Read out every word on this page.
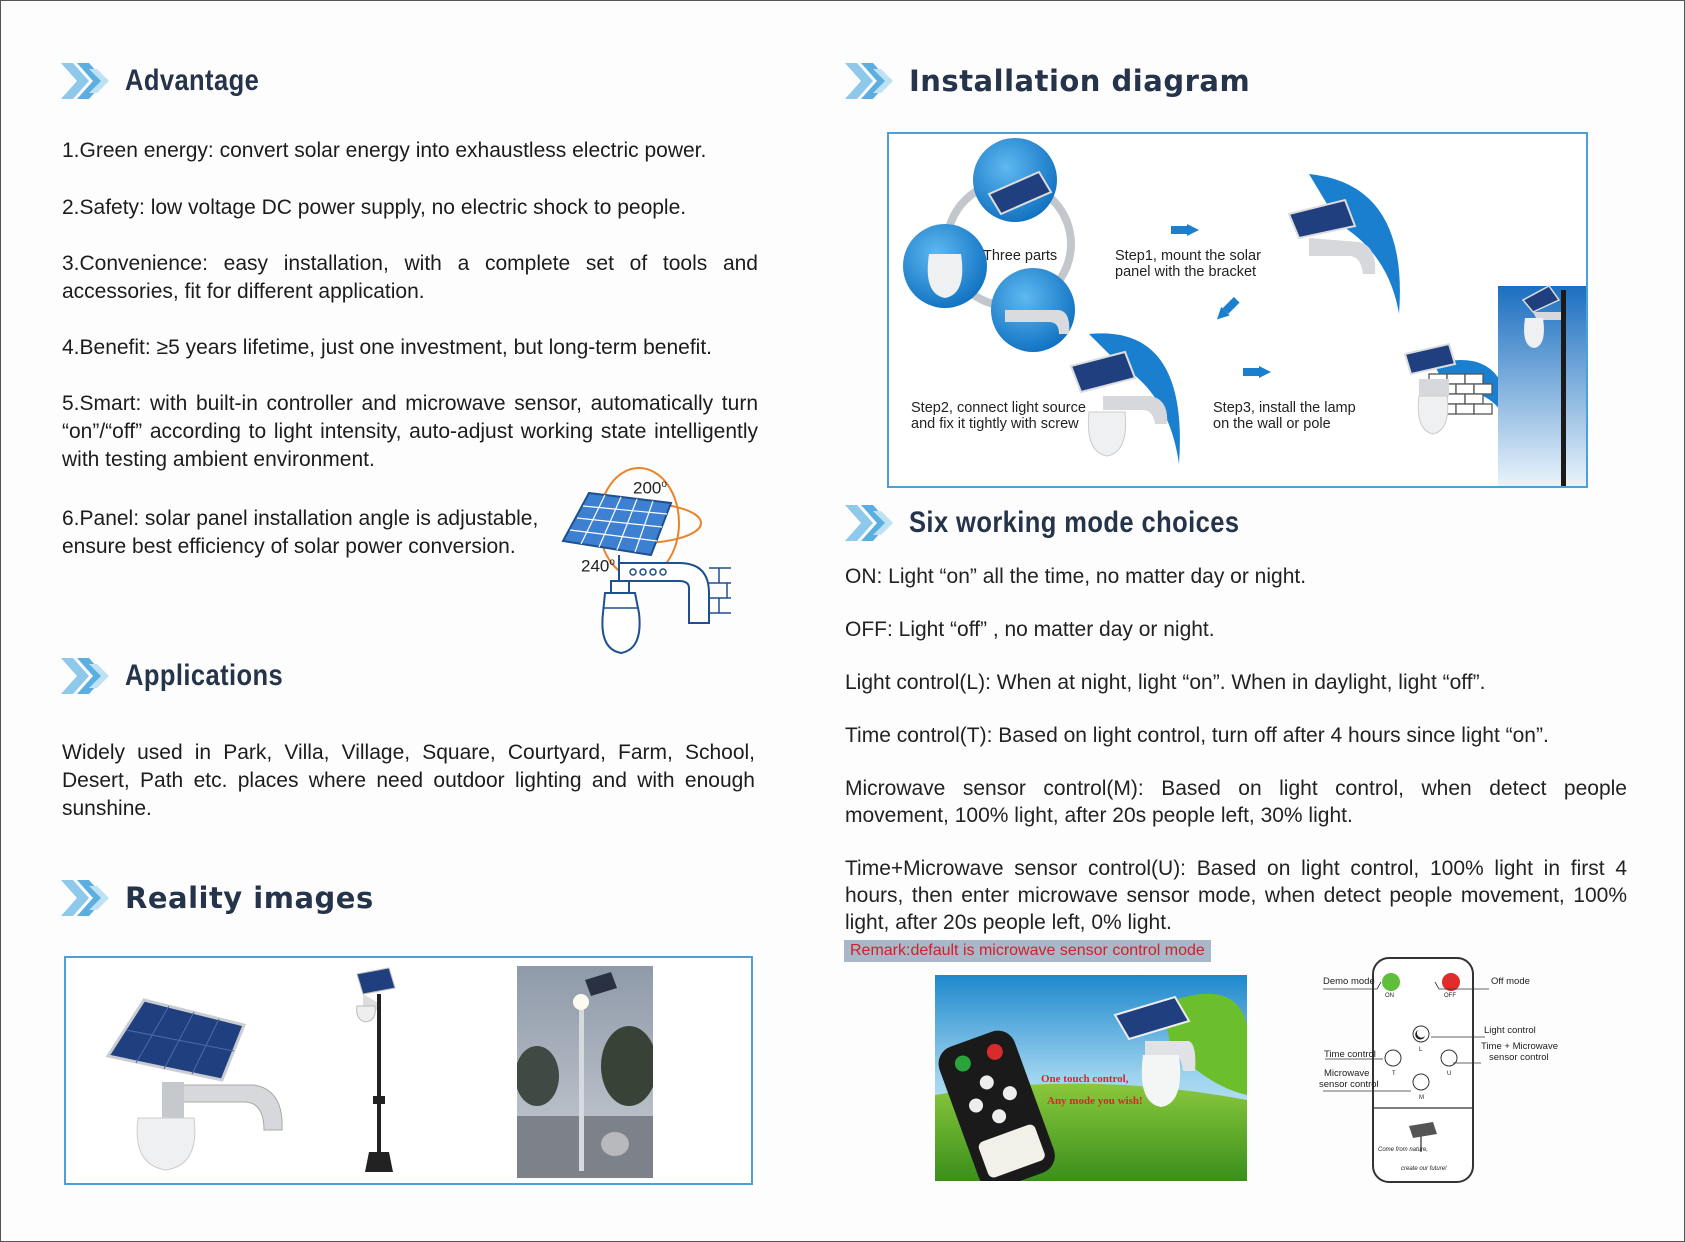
Advantage

1.Green energy: convert solar energy into exhaustless electric power.

2.Safety: low voltage DC power supply, no electric shock to people.

3.Convenience: easy installation, with a complete set of tools and accessories, fit for different application.

4.Benefit: ≥5 years lifetime, just one investment, but long-term benefit.

5.Smart: with built-in controller and microwave sensor, automatically turn “on”/“off” according to light intensity, auto-adjust working state intelligently with testing ambient environment.

6.Panel: solar panel installation angle is adjustable, ensure best efficiency of solar power conversion.

200$^o$
240$^o$
Applications

Widely used in Park, Villa, Village, Square, Courtyard, Farm, School, Desert, Path etc. places where need outdoor lighting and with enough sunshine.

Reality images
Installation diagram
Three parts	Step1, mount the solar
panel with the bracket
Step2, connect light source
and fix it tightly with screw
Step3, install the lamp
on the wall or pole
Six working mode choices

ON: Light “on” all the time, no matter day or night.

OFF: Light “off” , no matter day or night.

Light control(L): When at night, light “on”. When in daylight, light “off”.

Time control(T): Based on light control, turn off after 4 hours since light “on”.

Microwave sensor control(M): Based on light control, when detect people movement, 100% light, after 20s people left, 30% light.

Time+Microwave sensor control(U): Based on light control, 100% light in first 4 hours, then enter microwave sensor mode, when detect people movement, 100% light, after 20s people left, 0% light.

Remark:default is microwave sensor control mode
One touch control,
Any mode you wish!
ON	OFF
L
T	U
M
Come from nature,
create our future!
Demo mode	Off mode
Light control
Time + Microwave
sensor control
Time control
Microwave
sensor control
